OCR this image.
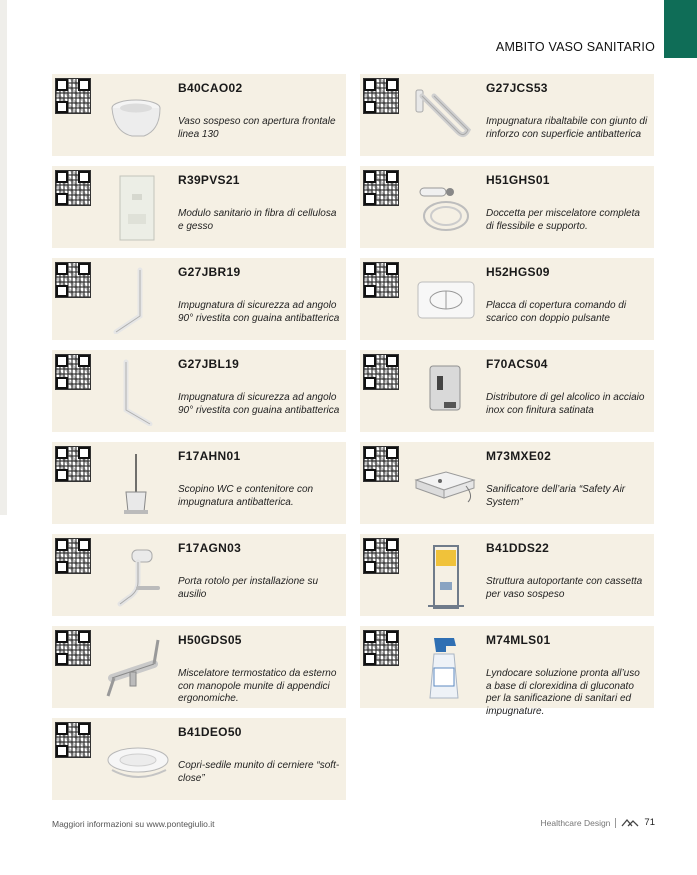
AMBITO VASO SANITARIO
B40CAO02
Vaso sospeso con apertura frontale linea 130
G27JCS53
Impugnatura ribaltabile con giunto di rinforzo con superficie antibatterica
R39PVS21
Modulo sanitario in fibra di cellulosa e gesso
H51GHS01
Doccetta per miscelatore completa di flessibile e supporto.
G27JBR19
Impugnatura di sicurezza ad angolo 90° rivestita con guaina antibatterica
H52HGS09
Placca di copertura comando di scarico con doppio pulsante
G27JBL19
Impugnatura di sicurezza ad angolo 90° rivestita con guaina antibatterica
F70ACS04
Distributore di gel alcolico in acciaio inox con finitura satinata
F17AHN01
Scopino WC e contenitore con impugnatura antibatterica.
M73MXE02
Sanificatore dell’aria “Safety Air System”
F17AGN03
Porta rotolo per installazione su ausilio
B41DDS22
Struttura autoportante con cassetta per vaso sospeso
H50GDS05
Miscelatore termostatico da esterno con manopole munite di appendici ergonomiche.
M74MLS01
Lyndocare soluzione pronta all’uso a base di clorexidina di gluconato per la sanificazione di sanitari ed impugnature.
B41DEO50
Copri-sedile munito di cerniere “soft-close”
Maggiori informazioni su www.pontegiulio.it	Healthcare Design	71
